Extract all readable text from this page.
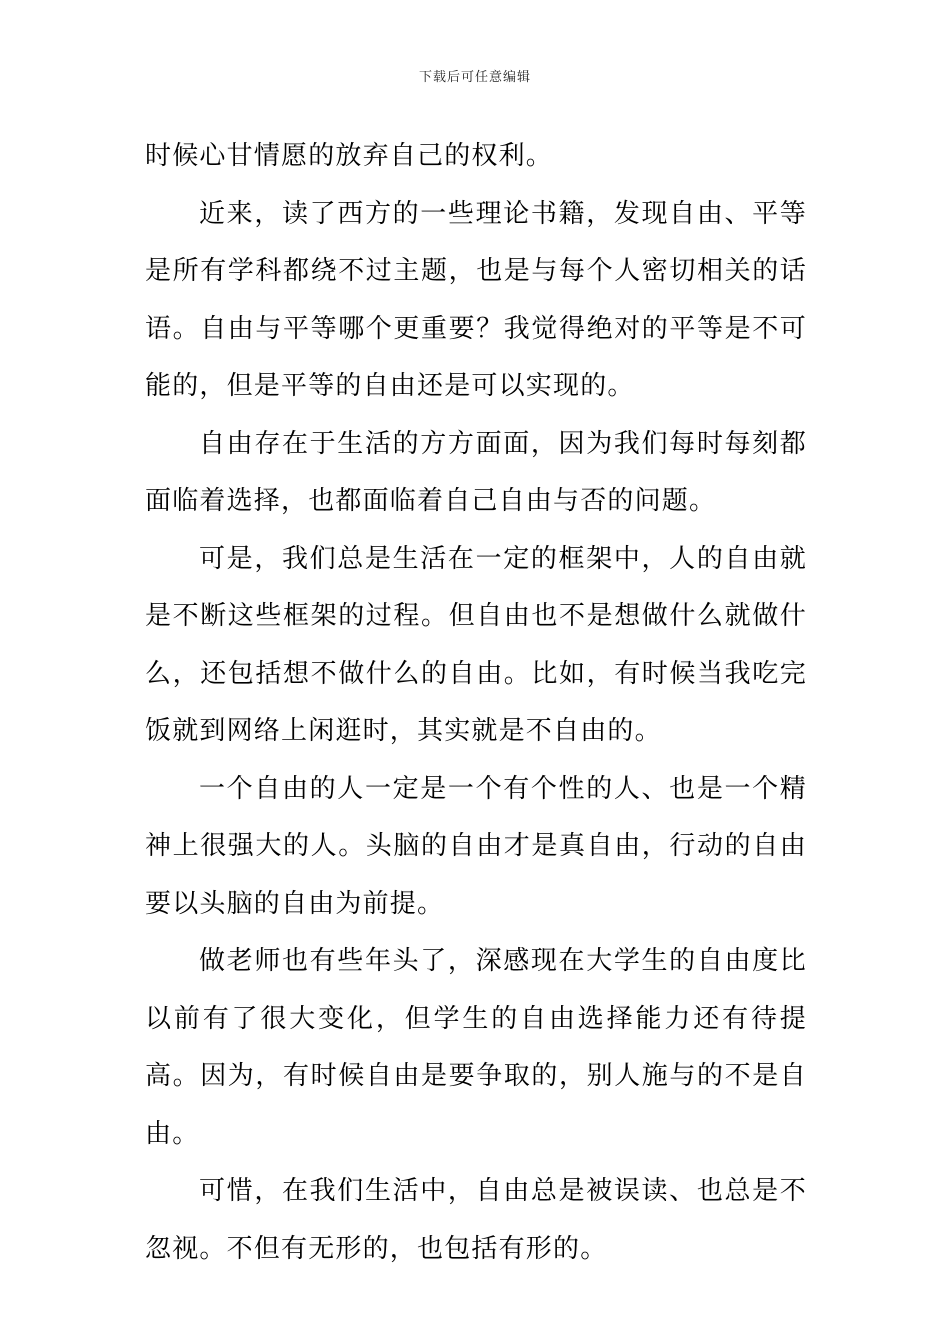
下载后可任意编辑

时候心甘情愿的放弃自己的权利。

近来，读了西方的一些理论书籍，发现自由、平等是所有学科都绕不过主题，也是与每个人密切相关的话语。自由与平等哪个更重要？我觉得绝对的平等是不可能的，但是平等的自由还是可以实现的。

自由存在于生活的方方面面，因为我们每时每刻都面临着选择，也都面临着自己自由与否的问题。

可是，我们总是生活在一定的框架中，人的自由就是不断这些框架的过程。但自由也不是想做什么就做什么，还包括想不做什么的自由。比如，有时候当我吃完饭就到网络上闲逛时，其实就是不自由的。

一个自由的人一定是一个有个性的人、也是一个精神上很强大的人。头脑的自由才是真自由，行动的自由要以头脑的自由为前提。

做老师也有些年头了，深感现在大学生的自由度比以前有了很大变化，但学生的自由选择能力还有待提高。因为，有时候自由是要争取的，别人施与的不是自由。

可惜，在我们生活中，自由总是被误读、也总是不忽视。不但有无形的，也包括有形的。
